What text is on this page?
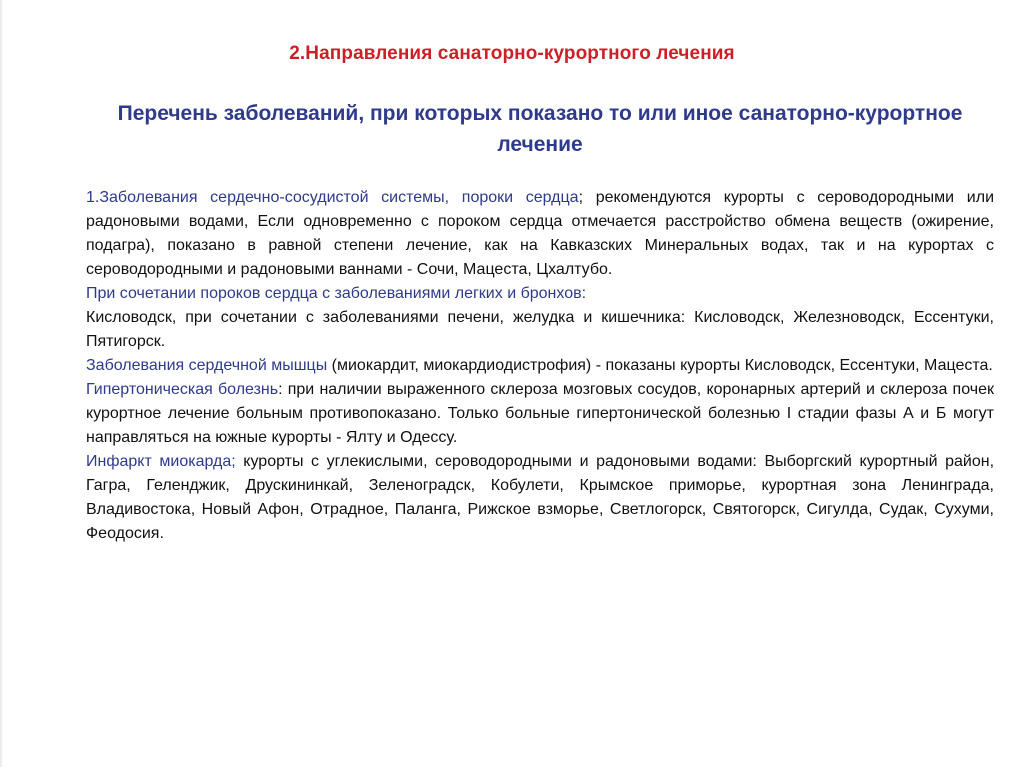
2.Направления санаторно-курортного лечения
Перечень заболеваний, при которых показано то или иное санаторно-курортное лечение

1.Заболевания сердечно-сосудистой системы, пороки сердца; рекомендуются курорты с сероводородными или радоновыми водами, Если одновременно с пороком сердца отмечается расстройство обмена веществ (ожирение, подагра), показано в равной степени лечение, как на Кавказских Минеральных водах, так и на курортах с сероводородными и радоновыми ваннами - Сочи, Мацеста, Цхалтубо.

При сочетании пороков сердца с заболеваниями легких и бронхов:

Кисловодск, при сочетании с заболеваниями печени, желудка и кишечника: Кисловодск, Железноводск, Ессентуки, Пятигорск.

Заболевания сердечной мышцы (миокардит, миокардиодистрофия) - показаны курорты Кисловодск, Ессентуки, Мацеста.

Гипертоническая болезнь: при наличии выраженного склероза мозговых сосудов, коронарных артерий и склероза почек курортное лечение больным противопоказано. Только больные гипертонической болезнью I стадии фазы А и Б могут направляться на южные курорты - Ялту и Одессу.

Инфаркт миокарда; курорты с углекислыми, сероводородными и радоновыми водами: Выборгский курортный район, Гагра, Геленджик, Друскининкай, Зеленоградск, Кобулети, Крымское приморье, курортная зона Ленинграда, Владивостока, Новый Афон, Отрадное, Паланга, Рижское взморье, Светлогорск, Святогорск, Сигулда, Судак, Сухуми, Феодосия.
